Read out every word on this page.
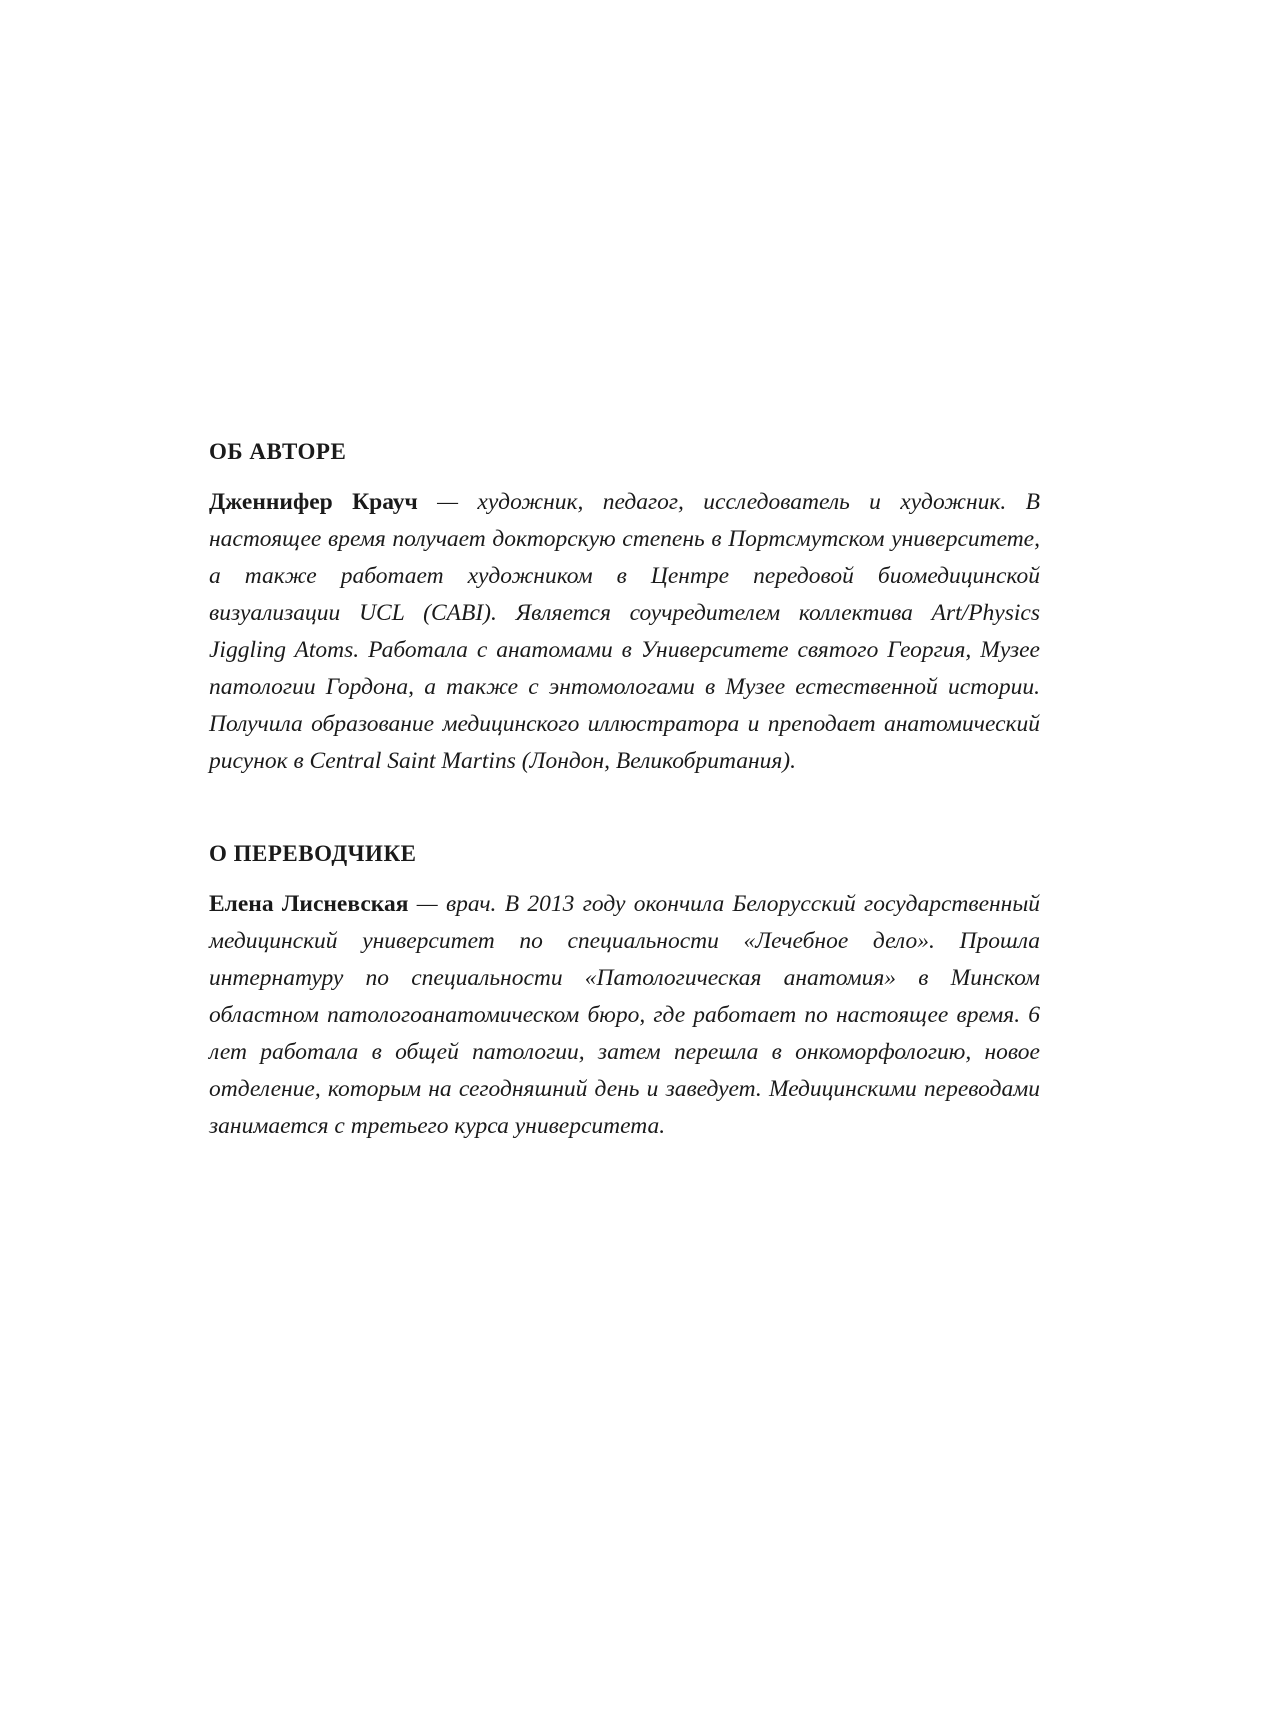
ОБ АВТОРЕ

Дженнифер Крауч — художник, педагог, исследователь и художник. В настоящее время получает докторскую степень в Портсмутском университете, а также работает художником в Центре передовой биомедицинской визуализации UCL (CABI). Является соучредителем коллектива Art/Physics Jiggling Atoms. Работала с анатомами в Университете святого Георгия, Музее патологии Гордона, а также с энтомологами в Музее естественной истории. Получила образование медицинского иллюстратора и преподает анатомический рисунок в Central Saint Martins (Лондон, Великобритания).

О ПЕРЕВОДЧИКЕ

Елена Лисневская — врач. В 2013 году окончила Белорусский государственный медицинский университет по специальности «Лечебное дело». Прошла интернатуру по специальности «Патологическая анатомия» в Минском областном патологоанатомическом бюро, где работает по настоящее время. 6 лет работала в общей патологии, затем перешла в онкоморфологию, новое отделение, которым на сегодняшний день и заведует. Медицинскими переводами занимается с третьего курса университета.
